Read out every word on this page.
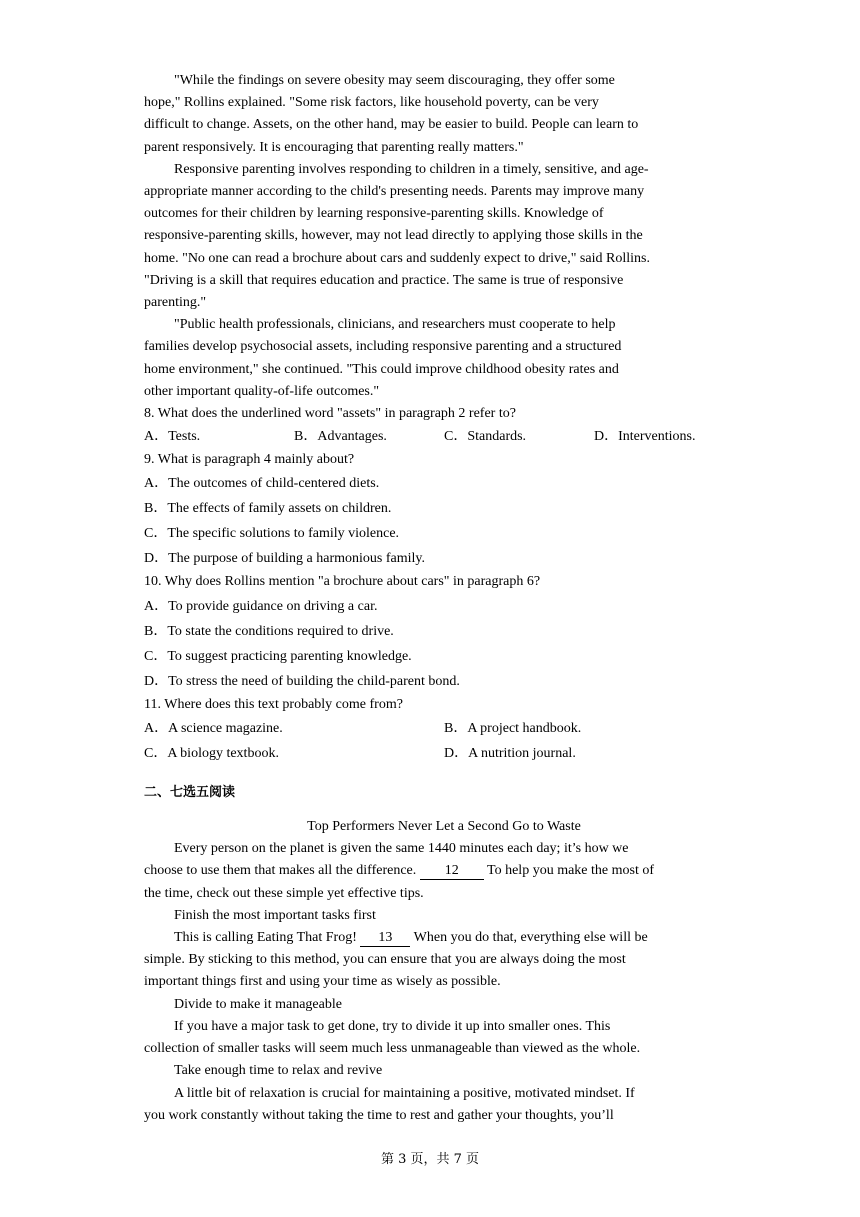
"While the findings on severe obesity may seem discouraging, they offer some
hope," Rollins explained. "Some risk factors, like household poverty, can be very
difficult to change. Assets, on the other hand, may be easier to build. People can learn to
parent responsively. It is encouraging that parenting really matters."
Responsive parenting involves responding to children in a timely, sensitive, and age-
appropriate manner according to the child's presenting needs. Parents may improve many
outcomes for their children by learning responsive-parenting skills. Knowledge of
responsive-parenting skills, however, may not lead directly to applying those skills in the
home. "No one can read a brochure about cars and suddenly expect to drive," said Rollins.
"Driving is a skill that requires education and practice. The same is true of responsive
parenting."
"Public health professionals, clinicians, and researchers must cooperate to help
families develop psychosocial assets, including responsive parenting and a structured
home environment," she continued. "This could improve childhood obesity rates and
other important quality-of-life outcomes."

8. What does the underlined word "assets" in paragraph 2 refer to?

A．Tests.	B．Advantages.	C．Standards.	D．Interventions.

9. What is paragraph 4 mainly about?

A．The outcomes of child-centered diets.
B．The effects of family assets on children.
C．The specific solutions to family violence.
D．The purpose of building a harmonious family.

10. Why does Rollins mention "a brochure about cars" in paragraph 6?

A．To provide guidance on driving a car.
B．To state the conditions required to drive.
C．To suggest practicing parenting knowledge.
D．To stress the need of building the child-parent bond.

11. Where does this text probably come from?

A．A science magazine.	B．A project handbook.
C．A biology textbook.	D．A nutrition journal.

二、七选五阅读

Top Performers Never Let a Second Go to Waste

Every person on the planet is given the same 1440 minutes each day; it’s how we
choose to use them that makes all the difference. 12 To help you make the most of
the time, check out these simple yet effective tips.

Finish the most important tasks first

This is calling Eating That Frog! 13 When you do that, everything else will be
simple. By sticking to this method, you can ensure that you are always doing the most
important things first and using your time as wisely as possible.

Divide to make it manageable

If you have a major task to get done, try to divide it up into smaller ones. This
collection of smaller tasks will seem much less unmanageable than viewed as the whole.

Take enough time to relax and revive

A little bit of relaxation is crucial for maintaining a positive, motivated mindset. If
you work constantly without taking the time to rest and gather your thoughts, you’ll
第 3 页，共 7 页
